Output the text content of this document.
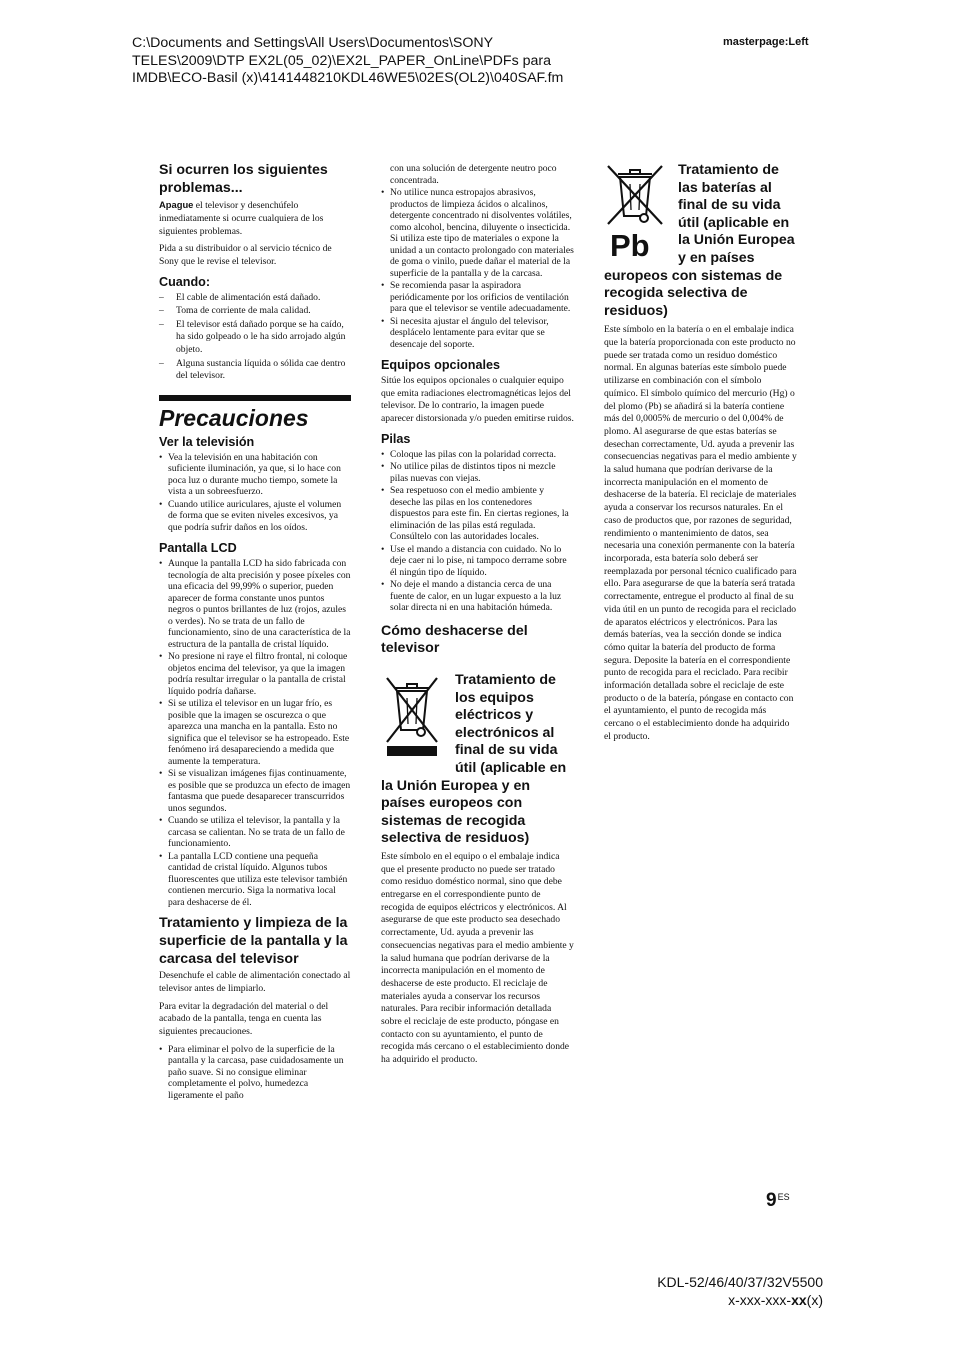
C:\Documents and Settings\All Users\Documentos\SONY
TELES\2009\DTP EX2L(05_02)\EX2L_PAPER_OnLine\PDFs para
IMDB\ECO-Basil (x)\4141448210KDL46WE5\02ES(OL2)\040SAF.fm
masterpage:Left
Si ocurren los siguientes problemas...

Apague el televisor y desenchúfelo inmediatamente si ocurre cualquiera de los siguientes problemas.

Pida a su distribuidor o al servicio técnico de Sony que le revise el televisor.

Cuando:
– El cable de alimentación está dañado.
– Toma de corriente de mala calidad.
– El televisor está dañado porque se ha caído, ha sido golpeado o le ha sido arrojado algún objeto.
– Alguna sustancia líquida o sólida cae dentro del televisor.
Precauciones
Ver la televisión
• Vea la televisión en una habitación con suficiente iluminación, ya que, si lo hace con poca luz o durante mucho tiempo, somete la vista a un sobreesfuerzo.
• Cuando utilice auriculares, ajuste el volumen de forma que se eviten niveles excesivos, ya que podría sufrir daños en los oídos.
Pantalla LCD
• Aunque la pantalla LCD ha sido fabricada con tecnología de alta precisión y posee píxeles con una eficacia del 99,99% o superior, pueden aparecer de forma constante unos puntos negros o puntos brillantes de luz (rojos, azules o verdes). No se trata de un fallo de funcionamiento, sino de una característica de la estructura de la pantalla de cristal líquido.
• No presione ni raye el filtro frontal, ni coloque objetos encima del televisor, ya que la imagen podría resultar irregular o la pantalla de cristal líquido podría dañarse.
• Si se utiliza el televisor en un lugar frío, es posible que la imagen se oscurezca o que aparezca una mancha en la pantalla. Esto no significa que el televisor se ha estropeado. Este fenómeno irá desapareciendo a medida que aumente la temperatura.
• Si se visualizan imágenes fijas continuamente, es posible que se produzca un efecto de imagen fantasma que puede desaparecer transcurridos unos segundos.
• Cuando se utiliza el televisor, la pantalla y la carcasa se calientan. No se trata de un fallo de funcionamiento.
• La pantalla LCD contiene una pequeña cantidad de cristal líquido. Algunos tubos fluorescentes que utiliza este televisor también contienen mercurio. Siga la normativa local para deshacerse de él.
Tratamiento y limpieza de la superficie de la pantalla y la carcasa del televisor

Desenchufe el cable de alimentación conectado al televisor antes de limpiarlo.

Para evitar la degradación del material o del acabado de la pantalla, tenga en cuenta las siguientes precauciones.

• Para eliminar el polvo de la superficie de la pantalla y la carcasa, pase cuidadosamente un paño suave. Si no consigue eliminar completamente el polvo, humedezca ligeramente el paño
con una solución de detergente neutro poco concentrada.
• No utilice nunca estropajos abrasivos, productos de limpieza ácidos o alcalinos, detergente concentrado ni disolventes volátiles, como alcohol, bencina, diluyente o insecticida. Si utiliza este tipo de materiales o expone la unidad a un contacto prolongado con materiales de goma o vinilo, puede dañar el material de la superficie de la pantalla y de la carcasa.
• Se recomienda pasar la aspiradora periódicamente por los orificios de ventilación para que el televisor se ventile adecuadamente.
• Si necesita ajustar el ángulo del televisor, desplácelo lentamente para evitar que se desencaje del soporte.
Equipos opcionales

Sitúe los equipos opcionales o cualquier equipo que emita radiaciones electromagnéticas lejos del televisor. De lo contrario, la imagen puede aparecer distorsionada y/o pueden emitirse ruidos.

Pilas
• Coloque las pilas con la polaridad correcta.
• No utilice pilas de distintos tipos ni mezcle pilas nuevas con viejas.
• Sea respetuoso con el medio ambiente y deseche las pilas en los contenedores dispuestos para este fin. En ciertas regiones, la eliminación de las pilas está regulada. Consúltelo con las autoridades locales.
• Use el mando a distancia con cuidado. No lo deje caer ni lo pise, ni tampoco derrame sobre él ningún tipo de líquido.
• No deje el mando a distancia cerca de una fuente de calor, en un lugar expuesto a la luz solar directa ni en una habitación húmeda.
Cómo deshacerse del televisor
Tratamiento de los equipos eléctricos y electrónicos al final de su vida útil (aplicable en la Unión Europea y en países europeos con sistemas de recogida selectiva de residuos)

Este símbolo en el equipo o el embalaje indica que el presente producto no puede ser tratado como residuo doméstico normal, sino que debe entregarse en el correspondiente punto de recogida de equipos eléctricos y electrónicos. Al asegurarse de que este producto sea desechado correctamente, Ud. ayuda a prevenir las consecuencias negativas para el medio ambiente y la salud humana que podrían derivarse de la incorrecta manipulación en el momento de deshacerse de este producto. El reciclaje de materiales ayuda a conservar los recursos naturales. Para recibir información detallada sobre el reciclaje de este producto, póngase en contacto con su ayuntamiento, el punto de recogida más cercano o el establecimiento donde ha adquirido el producto.

Pb
Tratamiento de las baterías al final de su vida útil (aplicable en la Unión Europea y en países europeos con sistemas de recogida selectiva de residuos)

Este símbolo en la batería o en el embalaje indica que la batería proporcionada con este producto no puede ser tratada como un residuo doméstico normal. En algunas baterías este símbolo puede utilizarse en combinación con el símbolo químico. El símbolo químico del mercurio (Hg) o del plomo (Pb) se añadirá si la batería contiene más del 0,0005% de mercurio o del 0,004% de plomo. Al asegurarse de que estas baterías se desechan correctamente, Ud. ayuda a prevenir las consecuencias negativas para el medio ambiente y la salud humana que podrían derivarse de la incorrecta manipulación en el momento de deshacerse de la batería. El reciclaje de materiales ayuda a conservar los recursos naturales. En el caso de productos que, por razones de seguridad, rendimiento o mantenimiento de datos, sea necesaria una conexión permanente con la batería incorporada, esta batería solo deberá ser reemplazada por personal técnico cualificado para ello. Para asegurarse de que la batería será tratada correctamente, entregue el producto al final de su vida útil en un punto de recogida para el reciclado de aparatos eléctricos y electrónicos. Para las demás baterías, vea la sección donde se indica cómo quitar la batería del producto de forma segura. Deposite la batería en el correspondiente punto de recogida para el reciclado. Para recibir información detallada sobre el reciclaje de este producto o de la batería, póngase en contacto con el ayuntamiento, el punto de recogida más cercano o el establecimiento donde ha adquirido el producto.

$9^{ES}$
KDL-52/46/40/37/32V5500
x-xxx-xxx-xx(x)
